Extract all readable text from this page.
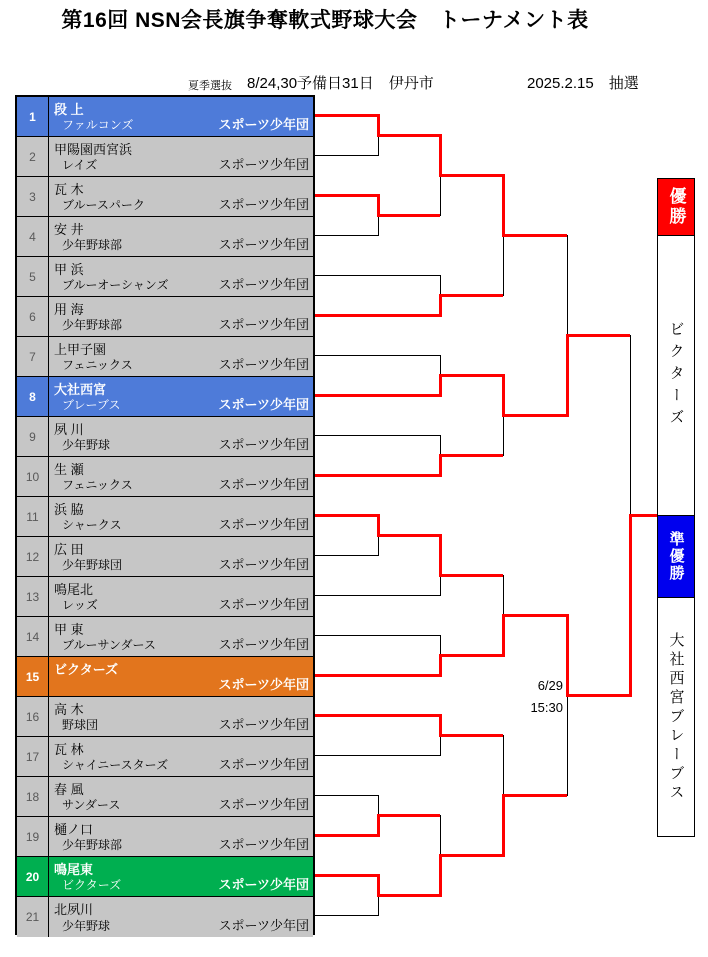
第16回 NSN会長旗争奪軟式野球大会　トーナメント表
夏季選抜 8/24,30予備日31日　伊丹市	2025.2.15　抽選
1	段 上
ファルコンズ	スポーツ少年団
2	甲陽園西宮浜
レイズ	スポーツ少年団
3	瓦 木
ブルースパーク	スポーツ少年団
4	安 井
少年野球部	スポーツ少年団
5	甲 浜
ブルーオーシャンズ	スポーツ少年団
6	用 海
少年野球部	スポーツ少年団
7	上甲子園
フェニックス	スポーツ少年団
8	大社西宮
ブレーブス	スポーツ少年団
9	夙 川
少年野球	スポーツ少年団
10	生 瀬
フェニックス	スポーツ少年団
11	浜 脇
シャークス	スポーツ少年団
12	広 田
少年野球団	スポーツ少年団
13	鳴尾北
レッズ	スポーツ少年団
14	甲 東
ブルーサンダース	スポーツ少年団
15	ビクターズ
スポーツ少年団
16	高 木
野球団	スポーツ少年団
17	瓦 林
シャイニースターズ	スポーツ少年団
18	春 風
サンダース	スポーツ少年団
19	樋ノ口
少年野球部	スポーツ少年団
20	鳴尾東
ビクターズ	スポーツ少年団
21	北夙川
少年野球	スポーツ少年団
6/29
15:30
優勝
ビクターズ
準優勝
大社西宮ブレーブス
